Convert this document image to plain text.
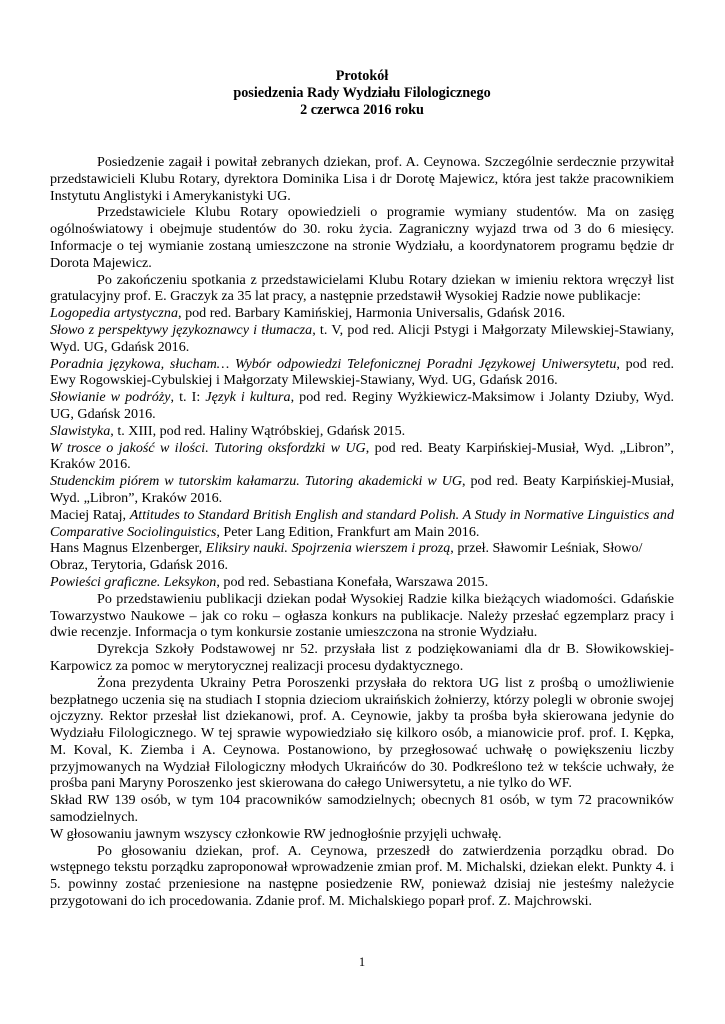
Protokół
posiedzenia Rady Wydziału Filologicznego
2 czerwca 2016 roku

Posiedzenie zagaił i powitał zebranych dziekan, prof. A. Ceynowa. Szczególnie serdecznie przywitał przedstawicieli Klubu Rotary, dyrektora Dominika Lisa i dr Dorotę Majewicz, która jest także pracownikiem Instytutu Anglistyki i Amerykanistyki UG.

Przedstawiciele Klubu Rotary opowiedzieli o programie wymiany studentów. Ma on zasięg ogólnoświatowy i obejmuje studentów do 30. roku życia. Zagraniczny wyjazd trwa od 3 do 6 miesięcy. Informacje o tej wymianie zostaną umieszczone na stronie Wydziału, a koordynatorem programu będzie dr Dorota Majewicz.

Po zakończeniu spotkania z przedstawicielami Klubu Rotary dziekan w imieniu rektora wręczył list gratulacyjny prof. E. Graczyk za 35 lat pracy, a następnie przedstawił Wysokiej Radzie nowe publikacje:

Logopedia artystyczna, pod red. Barbary Kamińskiej, Harmonia Universalis, Gdańsk 2016.

Słowo z perspektywy językoznawcy i tłumacza, t. V, pod red. Alicji Pstygi i Małgorzaty Milewskiej-Stawiany, Wyd. UG, Gdańsk 2016.

Poradnia językowa, słucham… Wybór odpowiedzi Telefonicznej Poradni Językowej Uniwersytetu, pod red. Ewy Rogowskiej-Cybulskiej i Małgorzaty Milewskiej-Stawiany, Wyd. UG, Gdańsk 2016.

Słowianie w podróży, t. I: Język i kultura, pod red. Reginy Wyżkiewicz-Maksimow i Jolanty Dziuby, Wyd. UG, Gdańsk 2016.

Slawistyka, t. XIII, pod red. Haliny Wątróbskiej, Gdańsk 2015.

W trosce o jakość w ilości. Tutoring oksfordzki w UG, pod red. Beaty Karpińskiej-Musiał, Wyd. „Libron”, Kraków 2016.

Studenckim piórem w tutorskim kałamarzu. Tutoring akademicki w UG, pod red. Beaty Karpińskiej-Musiał, Wyd. „Libron”, Kraków 2016.

Maciej Rataj, Attitudes to Standard British English and standard Polish. A Study in Normative Linguistics and Comparative Sociolinguistics, Peter Lang Edition, Frankfurt am Main 2016.

Hans Magnus Elzenberger, Eliksiry nauki. Spojrzenia wierszem i prozą, przeł. Sławomir Leśniak, Słowo/ Obraz, Terytoria, Gdańsk 2016.

Powieści graficzne. Leksykon, pod red. Sebastiana Konefała, Warszawa 2015.

Po przedstawieniu publikacji dziekan podał Wysokiej Radzie kilka bieżących wiadomości. Gdańskie Towarzystwo Naukowe – jak co roku – ogłasza konkurs na publikacje. Należy przesłać egzemplarz pracy i dwie recenzje. Informacja o tym konkursie zostanie umieszczona na stronie Wydziału.

Dyrekcja Szkoły Podstawowej nr 52. przysłała list z podziękowaniami dla dr B. Słowikowskiej-Karpowicz za pomoc w merytorycznej realizacji procesu dydaktycznego.

Żona prezydenta Ukrainy Petra Poroszenki przysłała do rektora UG list z prośbą o umożliwienie bezpłatnego uczenia się na studiach I stopnia dzieciom ukraińskich żołnierzy, którzy polegli w obronie swojej ojczyzny. Rektor przesłał list dziekanowi, prof. A. Ceynowie, jakby ta prośba była skierowana jedynie do Wydziału Filologicznego. W tej sprawie wypowiedziało się kilkoro osób, a mianowicie prof. prof. I. Kępka, M. Koval, K. Ziemba i A. Ceynowa. Postanowiono, by przegłosować uchwałę o powiększeniu liczby przyjmowanych na Wydział Filologiczny młodych Ukraińców do 30. Podkreślono też w tekście uchwały, że prośba pani Maryny Poroszenko jest skierowana do całego Uniwersytetu, a nie tylko do WF.

Skład RW 139 osób, w tym 104 pracowników samodzielnych; obecnych 81 osób, w tym 72 pracowników samodzielnych.

W głosowaniu jawnym wszyscy członkowie RW jednogłośnie przyjęli uchwałę.

Po głosowaniu dziekan, prof. A. Ceynowa, przeszedł do zatwierdzenia porządku obrad. Do wstępnego tekstu porządku zaproponował wprowadzenie zmian prof. M. Michalski, dziekan elekt. Punkty 4. i 5. powinny zostać przeniesione na następne posiedzenie RW, ponieważ dzisiaj nie jesteśmy należycie przygotowani do ich procedowania. Zdanie prof. M. Michalskiego poparł prof. Z. Majchrowski.

1
